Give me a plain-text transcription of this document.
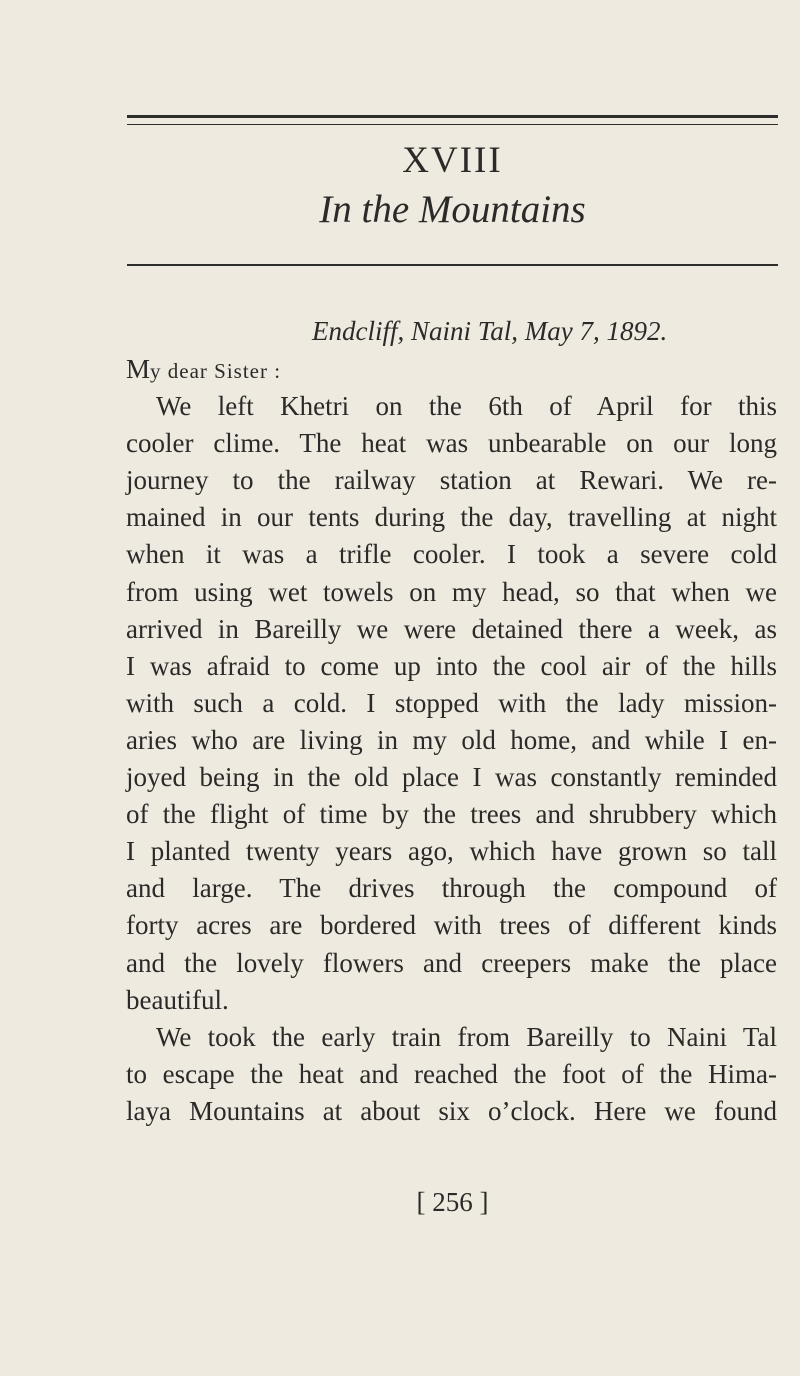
XVIII
In the Mountains
Endcliff, Naini Tal, May 7, 1892.
My dear Sister :
We left Khetri on the 6th of April for this
cooler clime. The heat was unbearable on our long
journey to the railway station at Rewari. We re-
mained in our tents during the day, travelling at night
when it was a trifle cooler. I took a severe cold
from using wet towels on my head, so that when we
arrived in Bareilly we were detained there a week, as
I was afraid to come up into the cool air of the hills
with such a cold. I stopped with the lady mission-
aries who are living in my old home, and while I en-
joyed being in the old place I was constantly reminded
of the flight of time by the trees and shrubbery which
I planted twenty years ago, which have grown so tall
and large. The drives through the compound of
forty acres are bordered with trees of different kinds
and the lovely flowers and creepers make the place
beautiful.
We took the early train from Bareilly to Naini Tal
to escape the heat and reached the foot of the Hima-
laya Mountains at about six o’clock. Here we found
[ 256 ]
